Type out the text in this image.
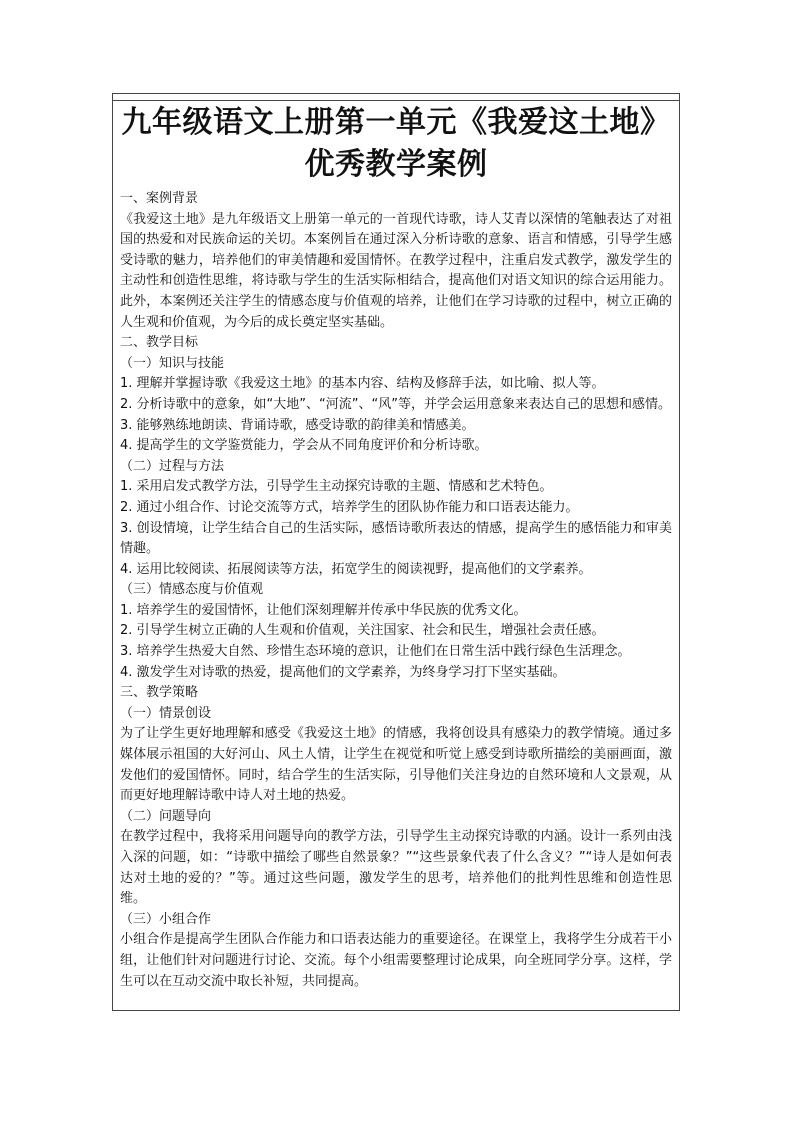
九年级语文上册第一单元《我爱这土地》优秀教学案例

一、案例背景

《我爱这土地》是九年级语文上册第一单元的一首现代诗歌，诗人艾青以深情的笔触表达了对祖国的热爱和对民族命运的关切。本案例旨在通过深入分析诗歌的意象、语言和情感，引导学生感受诗歌的魅力，培养他们的审美情趣和爱国情怀。在教学过程中，注重启发式教学，激发学生的主动性和创造性思维，将诗歌与学生的生活实际相结合，提高他们对语文知识的综合运用能力。此外，本案例还关注学生的情感态度与价值观的培养，让他们在学习诗歌的过程中，树立正确的人生观和价值观，为今后的成长奠定坚实基础。

二、教学目标

（一）知识与技能

1. 理解并掌握诗歌《我爱这土地》的基本内容、结构及修辞手法，如比喻、拟人等。

2. 分析诗歌中的意象，如“大地”、“河流”、“风”等，并学会运用意象来表达自己的思想和感情。

3. 能够熟练地朗读、背诵诗歌，感受诗歌的韵律美和情感美。

4. 提高学生的文学鉴赏能力，学会从不同角度评价和分析诗歌。

（二）过程与方法

1. 采用启发式教学方法，引导学生主动探究诗歌的主题、情感和艺术特色。

2. 通过小组合作、讨论交流等方式，培养学生的团队协作能力和口语表达能力。

3. 创设情境，让学生结合自己的生活实际，感悟诗歌所表达的情感，提高学生的感悟能力和审美情趣。

4. 运用比较阅读、拓展阅读等方法，拓宽学生的阅读视野，提高他们的文学素养。

（三）情感态度与价值观

1. 培养学生的爱国情怀，让他们深刻理解并传承中华民族的优秀文化。

2. 引导学生树立正确的人生观和价值观，关注国家、社会和民生，增强社会责任感。

3. 培养学生热爱大自然、珍惜生态环境的意识，让他们在日常生活中践行绿色生活理念。

4. 激发学生对诗歌的热爱，提高他们的文学素养，为终身学习打下坚实基础。

三、教学策略

（一）情景创设

为了让学生更好地理解和感受《我爱这土地》的情感，我将创设具有感染力的教学情境。通过多媒体展示祖国的大好河山、风土人情，让学生在视觉和听觉上感受到诗歌所描绘的美丽画面，激发他们的爱国情怀。同时，结合学生的生活实际，引导他们关注身边的自然环境和人文景观，从而更好地理解诗歌中诗人对土地的热爱。

（二）问题导向

在教学过程中，我将采用问题导向的教学方法，引导学生主动探究诗歌的内涵。设计一系列由浅入深的问题，如：“诗歌中描绘了哪些自然景象？”“这些景象代表了什么含义？”“诗人是如何表达对土地的爱的？”等。通过这些问题，激发学生的思考，培养他们的批判性思维和创造性思维。

（三）小组合作

小组合作是提高学生团队合作能力和口语表达能力的重要途径。在课堂上，我将学生分成若干小组，让他们针对问题进行讨论、交流。每个小组需要整理讨论成果，向全班同学分享。这样，学生可以在互动交流中取长补短，共同提高。
